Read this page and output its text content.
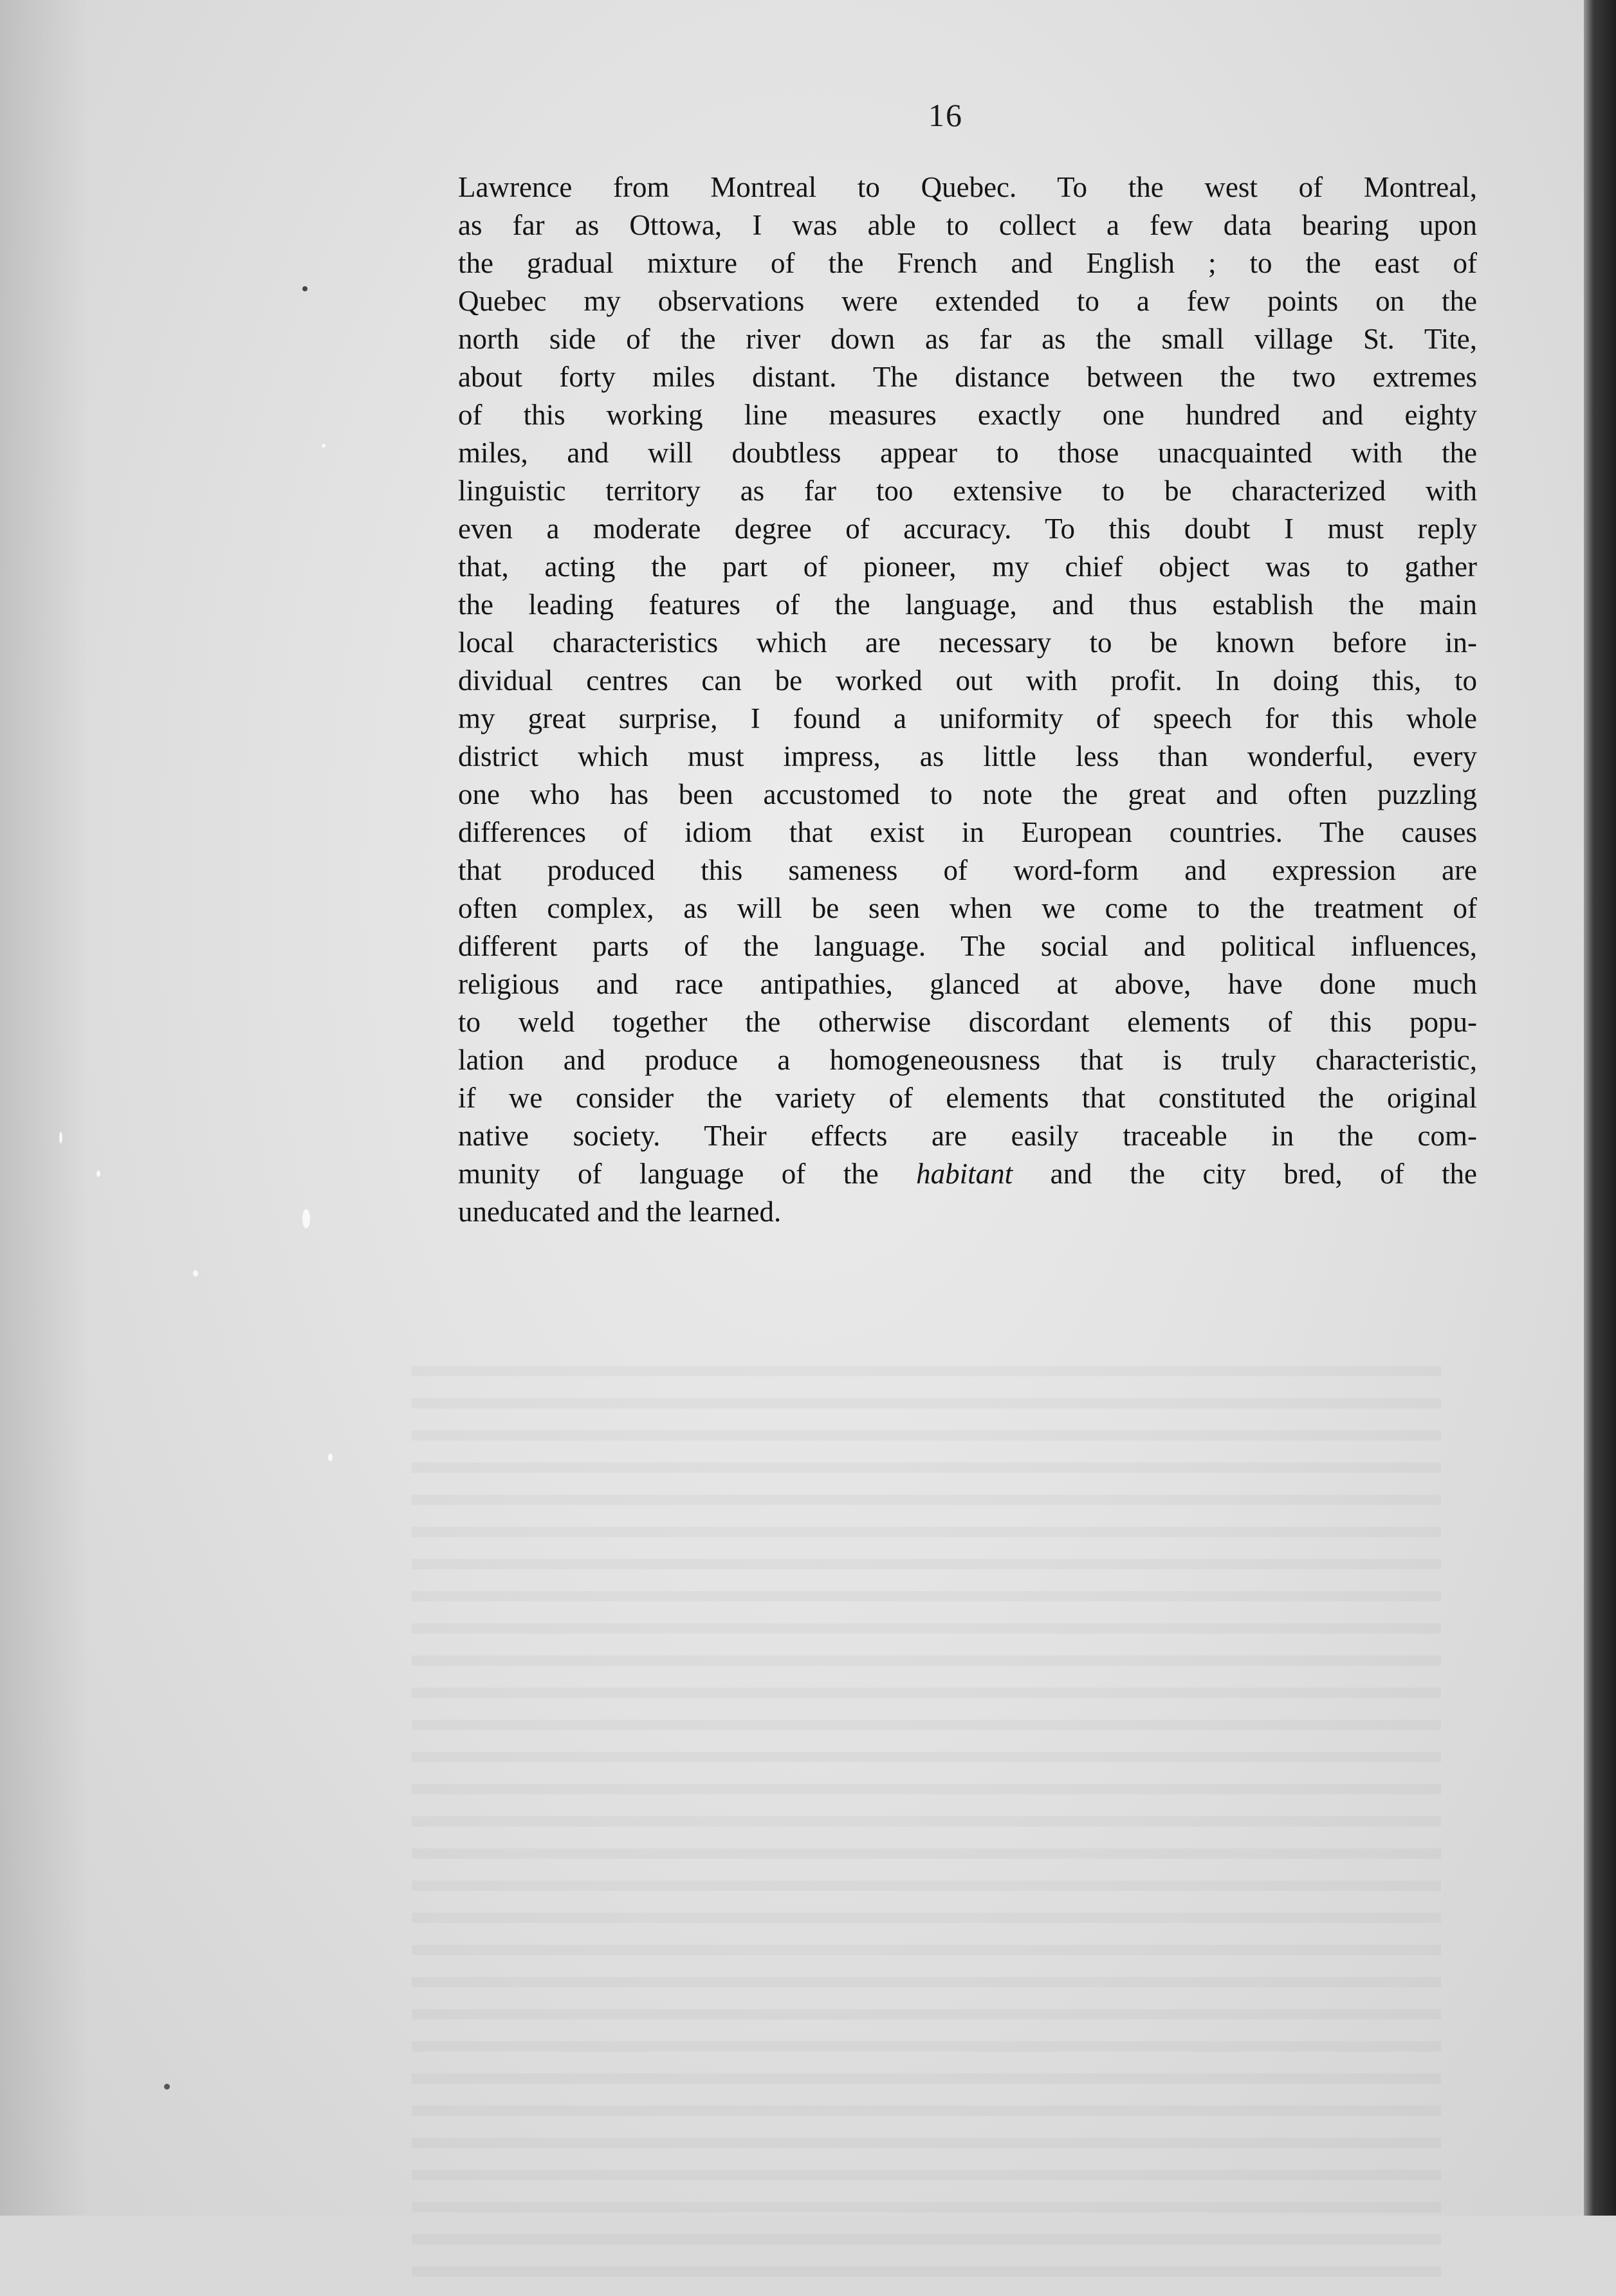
16
Lawrence from Montreal to Quebec. To the west of Montreal,
as far as Ottowa, I was able to collect a few data bearing upon
the gradual mixture of the French and English ; to the east of
Quebec my observations were extended to a few points on the
north side of the river down as far as the small village St. Tite,
about forty miles distant. The distance between the two extremes
of this working line measures exactly one hundred and eighty
miles, and will doubtless appear to those unacquainted with the
linguistic territory as far too extensive to be characterized with
even a moderate degree of accuracy. To this doubt I must reply
that, acting the part of pioneer, my chief object was to gather
the leading features of the language, and thus establish the main
local characteristics which are necessary to be known before in-
dividual centres can be worked out with profit. In doing this, to
my great surprise, I found a uniformity of speech for this whole
district which must impress, as little less than wonderful, every
one who has been accustomed to note the great and often puzzling
differences of idiom that exist in European countries. The causes
that produced this sameness of word-form and expression are
often complex, as will be seen when we come to the treatment of
different parts of the language. The social and political influences,
religious and race antipathies, glanced at above, have done much
to weld together the otherwise discordant elements of this popu-
lation and produce a homogeneousness that is truly characteristic,
if we consider the variety of elements that constituted the original
native society. Their effects are easily traceable in the com-
munity of language of the habitant and the city bred, of the
uneducated and the learned.
